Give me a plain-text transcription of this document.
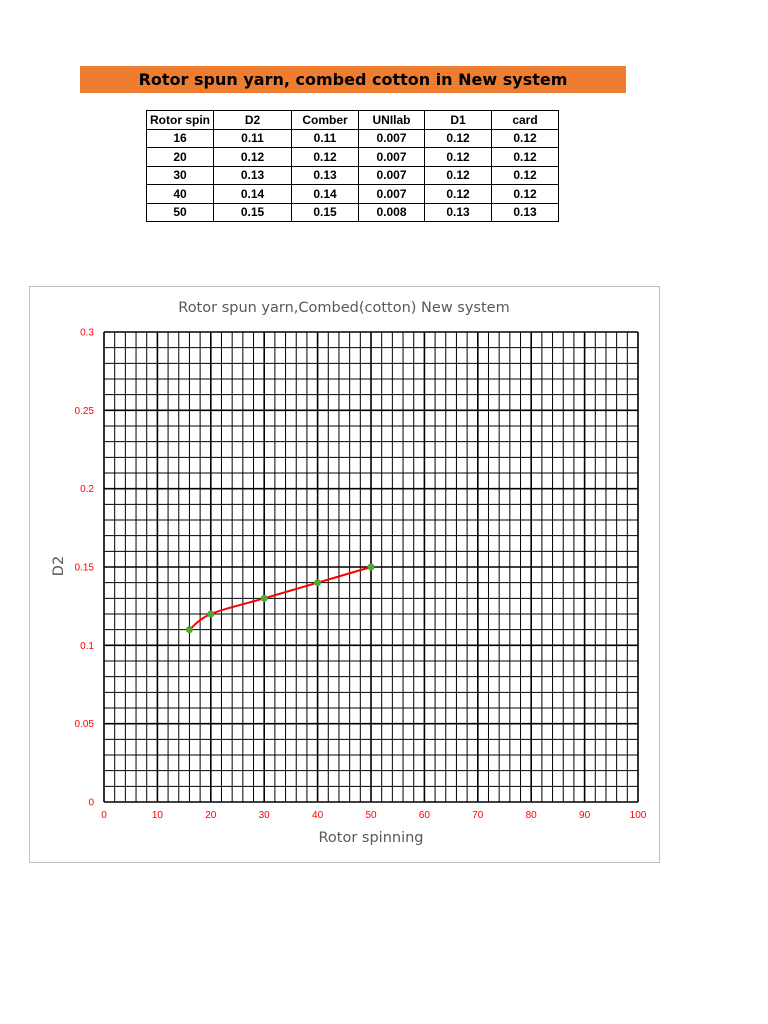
Rotor spun yarn, combed cotton in New system
Rotor spin	D2	Comber	UNIlab	D1	card
16	0.11	0.11	0.007	0.12	0.12
20	0.12	0.12	0.007	0.12	0.12
30	0.13	0.13	0.007	0.12	0.12
40	0.14	0.14	0.007	0.12	0.12
50	0.15	0.15	0.008	0.13	0.13
Rotor spun yarn,Combed(cotton) New system
0
0.05
0.1
0.15
0.2
0.25
0.3
0	10	20	30	40	50	60	70	80	90	100
Rotor spinning
D2
